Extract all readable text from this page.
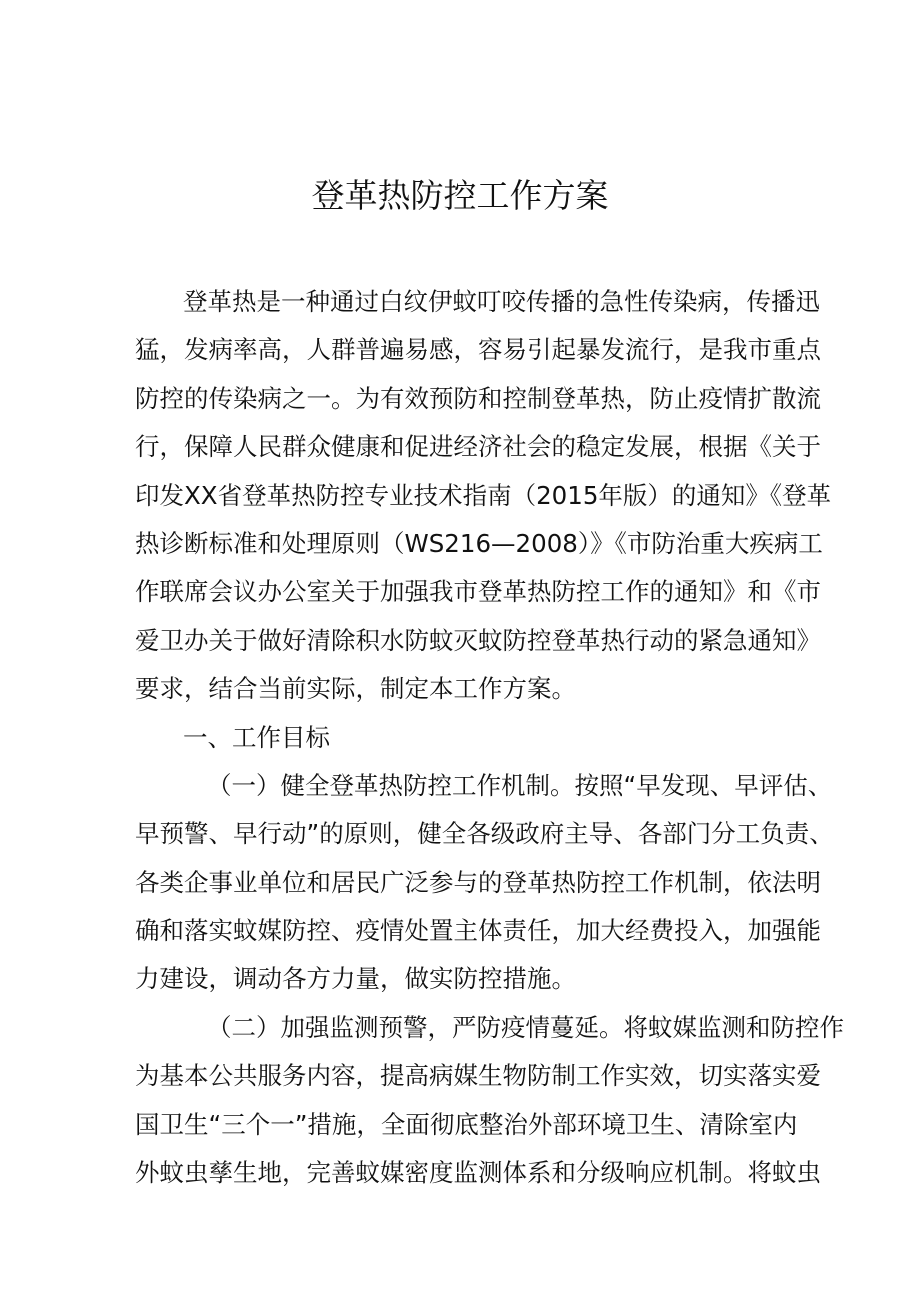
登革热防控工作方案
登革热是一种通过白纹伊蚊叮咬传播的急性传染病，传播迅
猛，发病率高，人群普遍易感，容易引起暴发流行，是我市重点
防控的传染病之一。为有效预防和控制登革热，防止疫情扩散流
行，保障人民群众健康和促进经济社会的稳定发展，根据《关于
印发XX省登革热防控专业技术指南（2015年版）的通知》《登革
热诊断标准和处理原则（WS216—2008）》《市防治重大疾病工
作联席会议办公室关于加强我市登革热防控工作的通知》和《市
爱卫办关于做好清除积水防蚊灭蚊防控登革热行动的紧急通知》
要求，结合当前实际，制定本工作方案。
一、工作目标
（一）健全登革热防控工作机制。按照“早发现、早评估、
早预警、早行动”的原则，健全各级政府主导、各部门分工负责、
各类企事业单位和居民广泛参与的登革热防控工作机制，依法明
确和落实蚊媒防控、疫情处置主体责任，加大经费投入，加强能
力建设，调动各方力量，做实防控措施。
（二）加强监测预警，严防疫情蔓延。将蚊媒监测和防控作
为基本公共服务内容，提高病媒生物防制工作实效，切实落实爱
国卫生“三个一”措施，全面彻底整治外部环境卫生、清除室内
外蚊虫孳生地，完善蚊媒密度监测体系和分级响应机制。将蚊虫
